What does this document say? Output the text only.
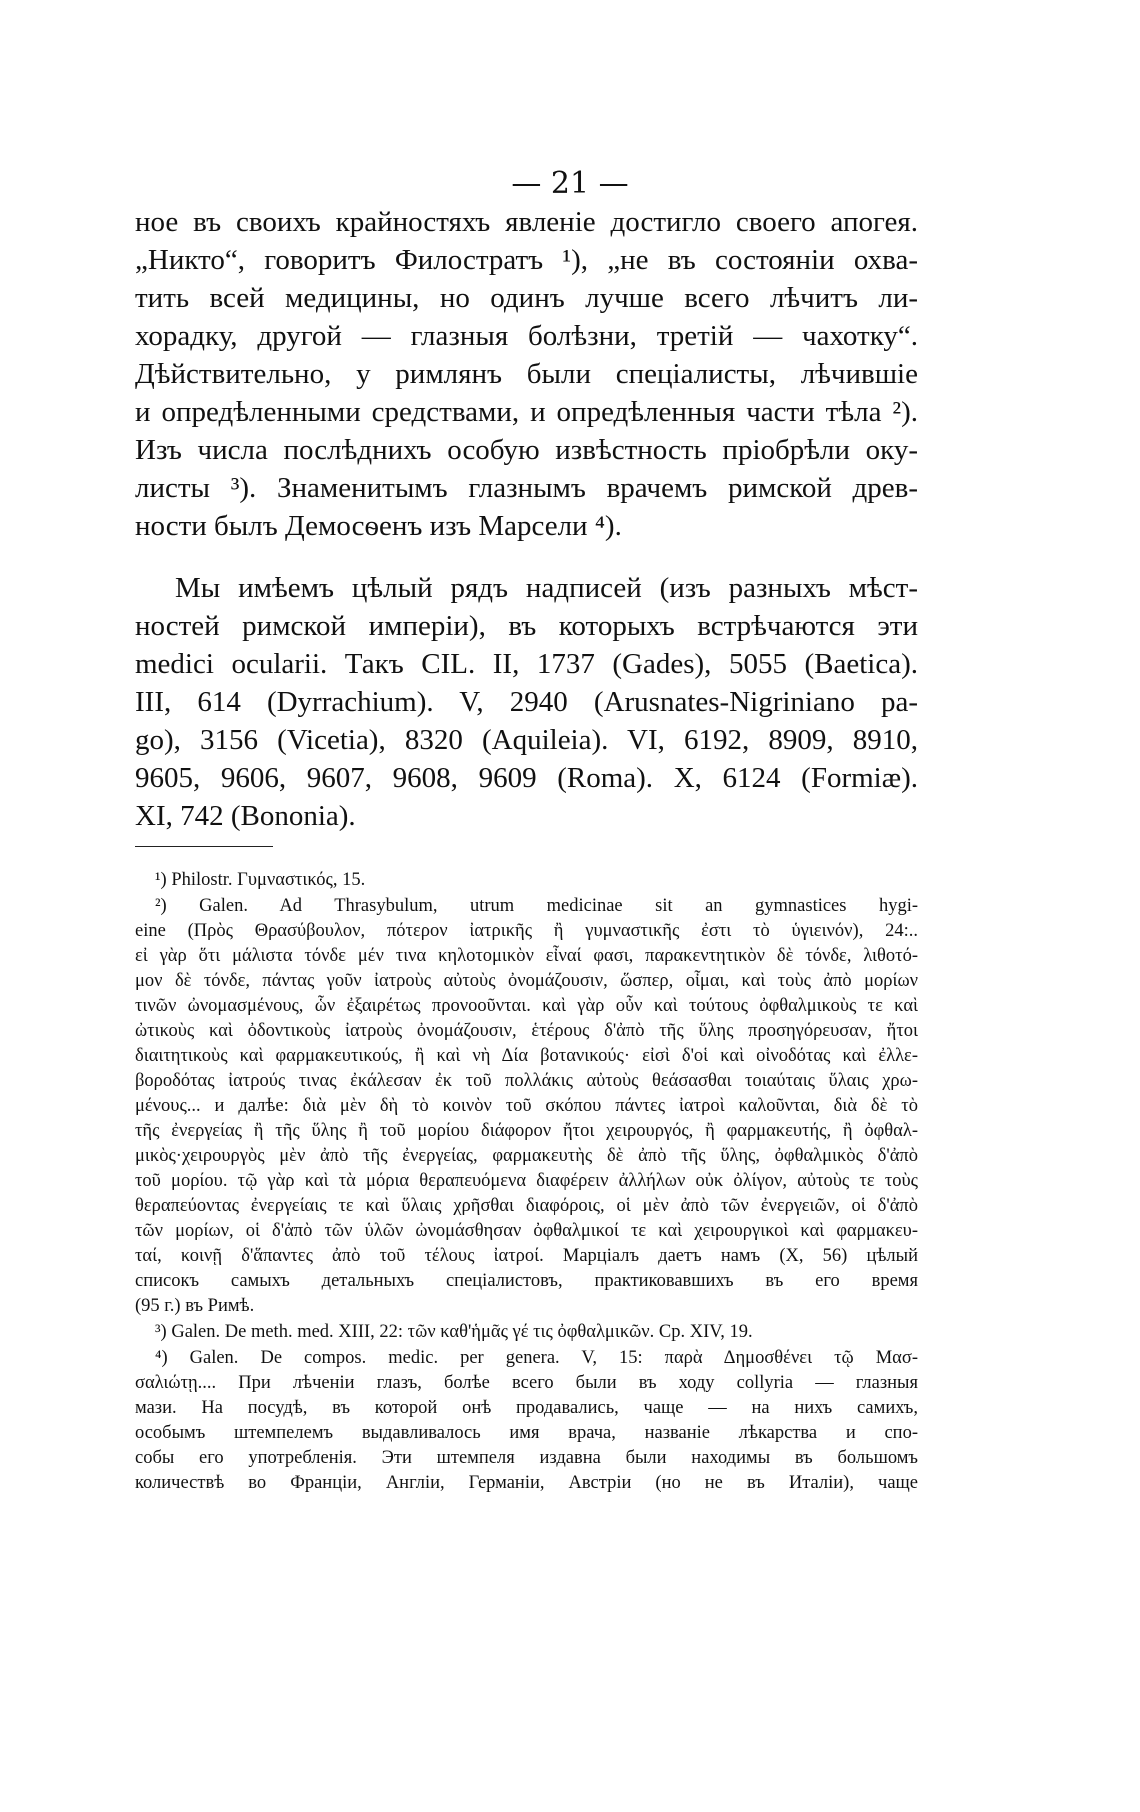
— 21 —
ное въ своихъ крайностяхъ явленіе достигло своего апогея.
„Никто“, говоритъ Филостратъ ¹), „не въ состояніи охва-
тить всей медицины, но одинъ лучше всего лѣчитъ ли-
хорадку, другой — глазныя болѣзни, третій — чахотку“.
Дѣйствительно, у римлянъ были спеціалисты, лѣчившіе
и опредѣленными средствами, и опредѣленныя части тѣла ²).
Изъ числа послѣднихъ особую извѣстность пріобрѣли оку-
листы ³). Знаменитымъ глазнымъ врачемъ римской древ-
ности былъ Демосѳенъ изъ Марсели ⁴).
Мы имѣемъ цѣлый рядъ надписей (изъ разныхъ мѣст-
ностей римской имперіи), въ которыхъ встрѣчаются эти
medici ocularii. Такъ CIL. II, 1737 (Gades), 5055 (Baetica).
III, 614 (Dyrrachium). V, 2940 (Arusnates-Nigriniano pa-
go), 3156 (Vicetia), 8320 (Aquileia). VI, 6192, 8909, 8910,
9605, 9606, 9607, 9608, 9609 (Roma). X, 6124 (Formiæ).
XI, 742 (Bononia).
¹) Philostr. Γυμναστικός, 15.
²) Galen. Ad Thrasybulum, utrum medicinae sit an gymnastices hygi-
eine (Πρὸς Θρασύβουλον, πότερον ἰατρικῆς ἢ γυμναστικῆς ἐστι τὸ ὑγιεινόν), 24:..
εἰ γὰρ ὅτι μάλιστα τόνδε μέν τινα κηλοτομικὸν εἶναί φασι, παρακεντητικὸν δὲ τόνδε, λιθοτό-
μον δὲ τόνδε, πάντας γοῦν ἰατροὺς αὐτοὺς ὀνομάζουσιν, ὥσπερ, οἶμαι, καὶ τοὺς ἀπὸ μορίων
τινῶν ὠνομασμένους, ὧν ἐξαιρέτως προνοοῦνται. καὶ γὰρ οὖν καὶ τούτους ὀφθαλμικοὺς τε καὶ
ὠτικοὺς καὶ ὀδοντικοὺς ἰατροὺς ὀνομάζουσιν, ἑτέρους δ'ἀπὸ τῆς ὕλης προσηγόρευσαν, ἤτοι
διαιτητικοὺς καὶ φαρμακευτικούς, ἢ καὶ νὴ Δία βοτανικούς· εἰσὶ δ'οἱ καὶ οἰνοδότας καὶ ἐλλε-
βοροδότας ἰατρούς τινας ἐκάλεσαν ἐκ τοῦ πολλάκις αὐτοὺς θεάσασθαι τοιαύταις ὕλαις χρω-
μένους... и далѣе: διὰ μὲν δὴ τὸ κοινὸν τοῦ σκόπου πάντες ἰατροὶ καλοῦνται, διὰ δὲ τὸ
τῆς ἐνεργείας ἢ τῆς ὕλης ἢ τοῦ μορίου διάφορον ἤτοι χειρουργός, ἢ φαρμακευτής, ἢ ὀφθαλ-
μικὸς·χειρουργὸς μὲν ἀπὸ τῆς ἐνεργείας, φαρμακευτὴς δὲ ἀπὸ τῆς ὕλης, ὀφθαλμικὸς δ'ἀπὸ
τοῦ μορίου. τῷ γὰρ καὶ τὰ μόρια θεραπευόμενα διαφέρειν ἀλλήλων οὐκ ὀλίγον, αὐτοὺς τε τοὺς
θεραπεύοντας ἐνεργείαις τε καὶ ὕλαις χρῆσθαι διαφόροις, οἱ μὲν ἀπὸ τῶν ἐνεργειῶν, οἱ δ'ἀπὸ
τῶν μορίων, οἱ δ'ἀπὸ τῶν ὑλῶν ὠνομάσθησαν ὀφθαλμικοί τε καὶ χειρουργικοὶ καὶ φαρμακευ-
ταί, κοινῇ δ'ἅπαντες ἀπὸ τοῦ τέλους ἰατροί. Марціалъ даетъ намъ (X, 56) цѣлый
списокъ самыхъ детальныхъ спеціалистовъ, практиковавшихъ въ его время
(95 г.) въ Римѣ.
³) Galen. De meth. med. XIII, 22: τῶν καθ'ἡμᾶς γέ τις ὀφθαλμικῶν. Cp. XIV, 19.
⁴) Galen. De compos. medic. per genera. V, 15: παρὰ Δημοσθένει τῷ Μασ-
σαλιώτῃ.... При лѣченіи глазъ, болѣе всего были въ ходу collyria — глазныя
мази. На посудѣ, въ которой онѣ продавались, чаще — на нихъ самихъ,
особымъ штемпелемъ выдавливалось имя врача, названіе лѣкарства и спо-
собы его употребленія. Эти штемпеля издавна были находимы въ большомъ
количествѣ во Франціи, Англіи, Германіи, Австріи (но не въ Италіи), чаще
